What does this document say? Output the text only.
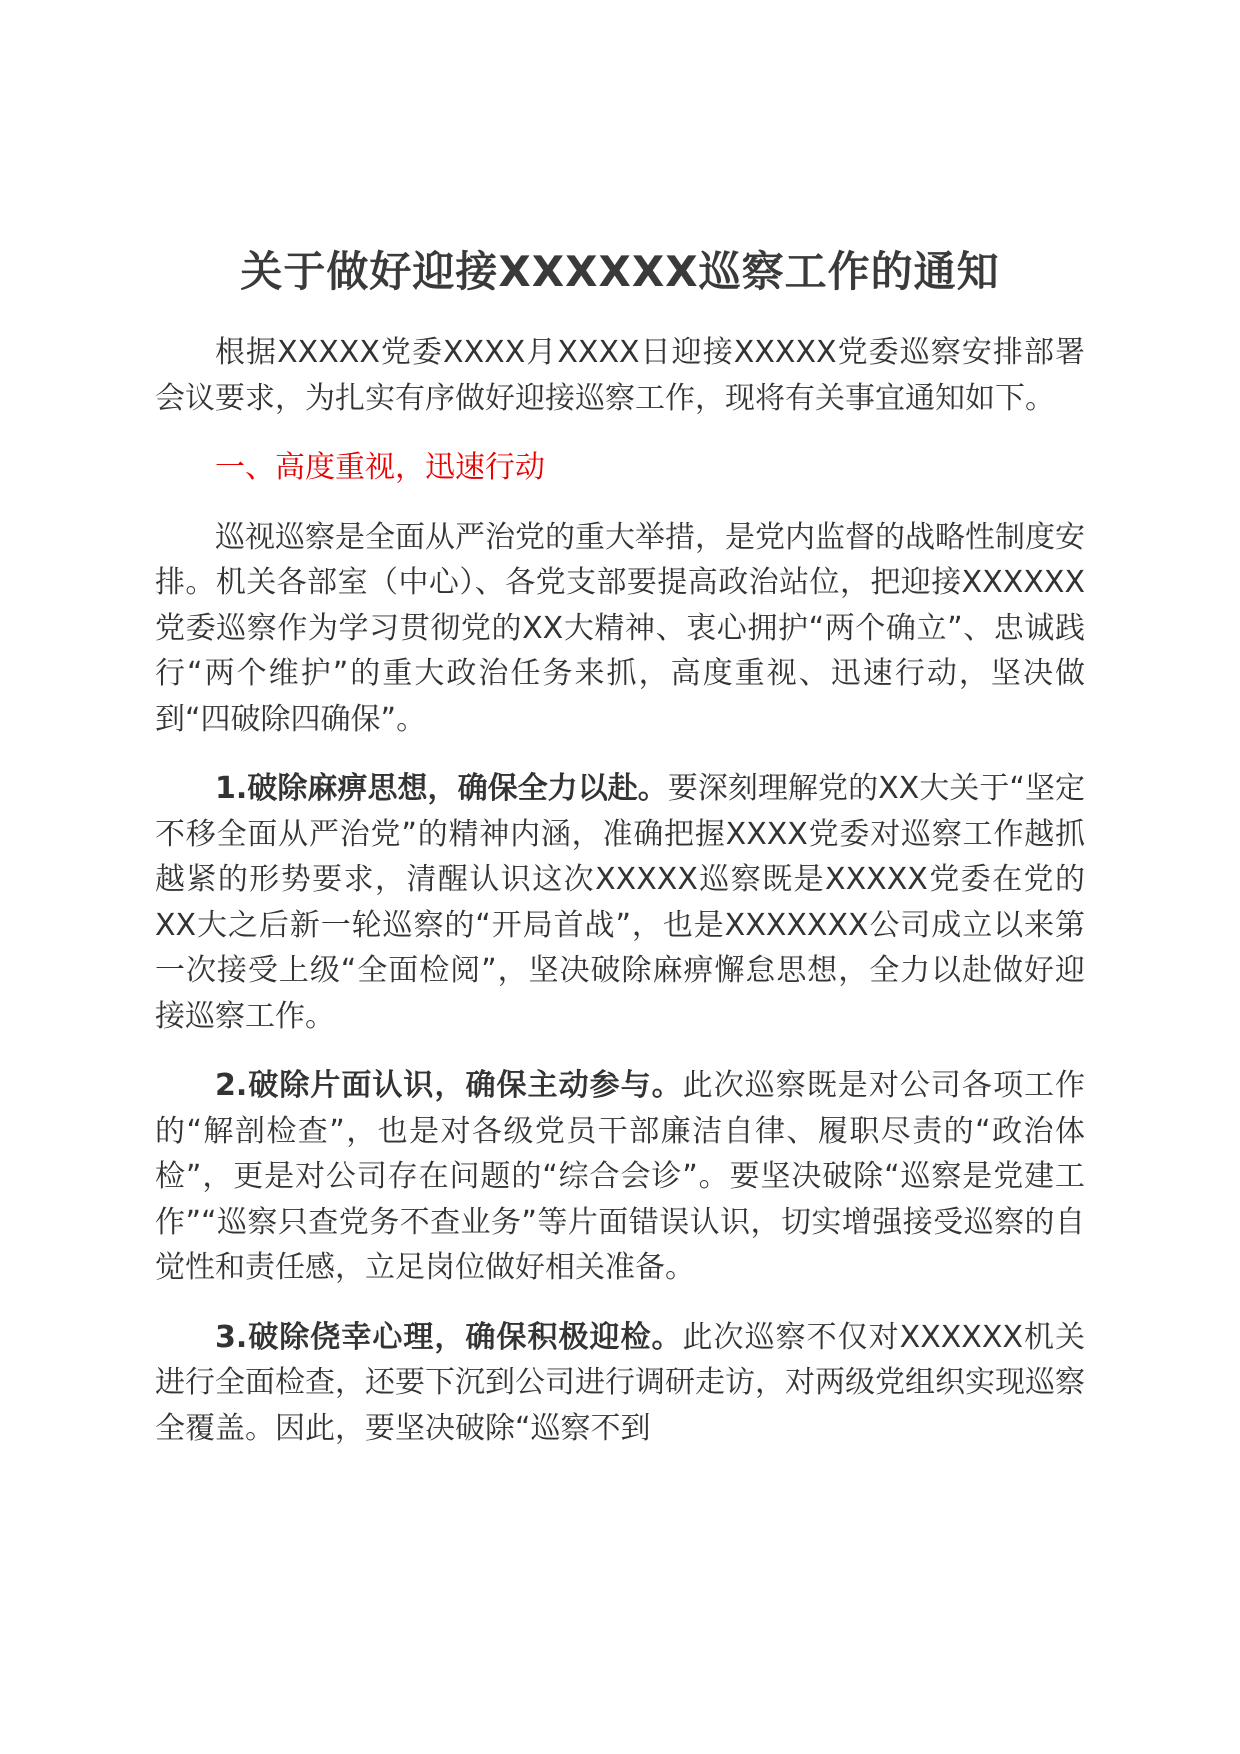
关于做好迎接XXXXXX巡察工作的通知

根据XXXXX党委XXXX月XXXX日迎接XXXXX党委巡察安排部署会议要求，为扎实有序做好迎接巡察工作，现将有关事宜通知如下。

一、高度重视，迅速行动

巡视巡察是全面从严治党的重大举措，是党内监督的战略性制度安排。机关各部室（中心）、各党支部要提高政治站位，把迎接XXXXXX党委巡察作为学习贯彻党的XX大精神、衷心拥护“两个确立”、忠诚践行“两个维护”的重大政治任务来抓，高度重视、迅速行动，坚决做到“四破除四确保”。

1.破除麻痹思想，确保全力以赴。要深刻理解党的XX大关于“坚定不移全面从严治党”的精神内涵，准确把握XXXX党委对巡察工作越抓越紧的形势要求，清醒认识这次XXXXX巡察既是XXXXX党委在党的XX大之后新一轮巡察的“开局首战”，也是XXXXXXX公司成立以来第一次接受上级“全面检阅”，坚决破除麻痹懈怠思想，全力以赴做好迎接巡察工作。

2.破除片面认识，确保主动参与。此次巡察既是对公司各项工作的“解剖检查”，也是对各级党员干部廉洁自律、履职尽责的“政治体检”，更是对公司存在问题的“综合会诊”。要坚决破除“巡察是党建工作”“巡察只查党务不查业务”等片面错误认识，切实增强接受巡察的自觉性和责任感，立足岗位做好相关准备。

3.破除侥幸心理，确保积极迎检。此次巡察不仅对XXXXXX机关进行全面检查，还要下沉到公司进行调研走访，对两级党组织实现巡察全覆盖。因此，要坚决破除“巡察不到
